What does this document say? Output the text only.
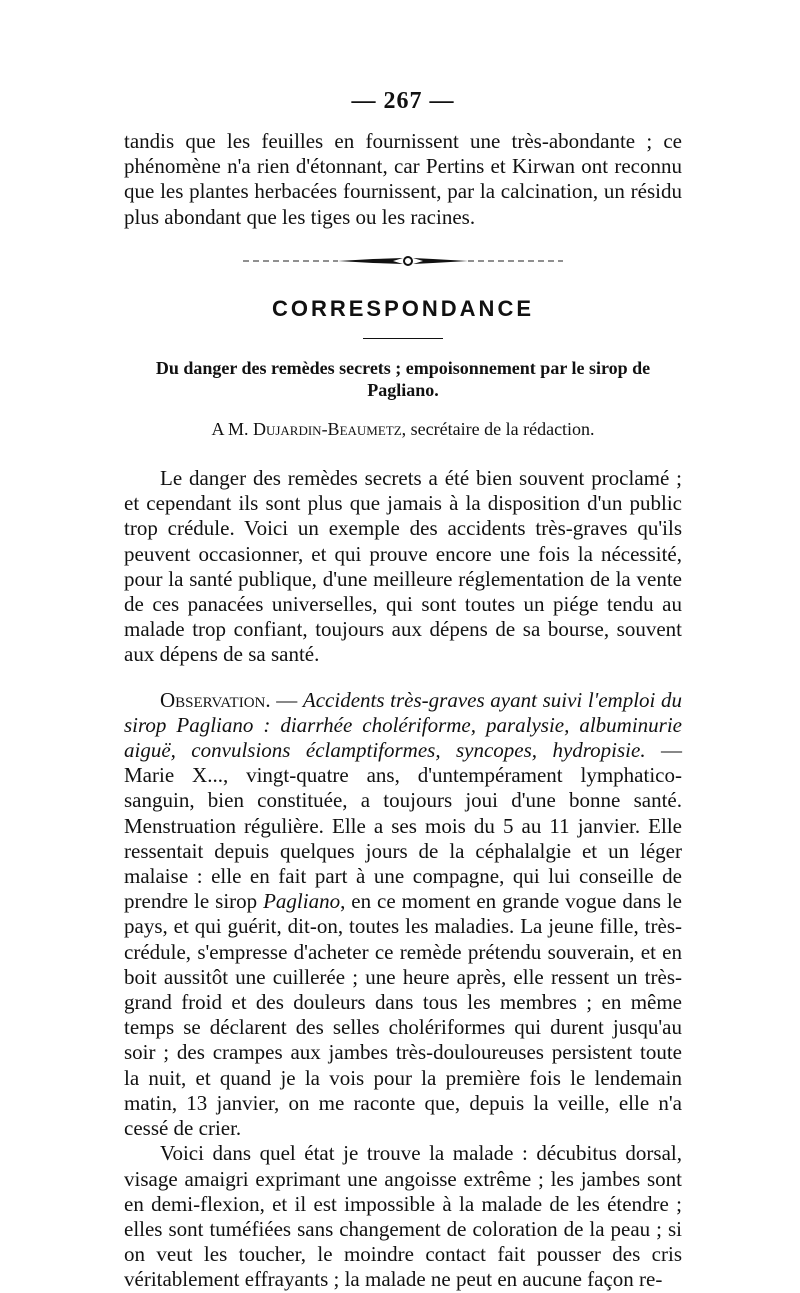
— 267 —

tandis que les feuilles en fournissent une très-abondante ; ce phénomène n'a rien d'étonnant, car Pertins et Kirwan ont reconnu que les plantes herbacées fournissent, par la calcination, un résidu plus abondant que les tiges ou les racines.

CORRESPONDANCE

Du danger des remèdes secrets ; empoisonnement par le sirop de Pagliano.

A M. Dujardin-Beaumetz, secrétaire de la rédaction.

Le danger des remèdes secrets a été bien souvent proclamé ; et cependant ils sont plus que jamais à la disposition d'un public trop crédule. Voici un exemple des accidents très-graves qu'ils peuvent occasionner, et qui prouve encore une fois la nécessité, pour la santé publique, d'une meilleure réglementation de la vente de ces panacées universelles, qui sont toutes un piége tendu au malade trop confiant, toujours aux dépens de sa bourse, souvent aux dépens de sa santé.

Observation. — Accidents très-graves ayant suivi l'emploi du sirop Pagliano : diarrhée cholériforme, paralysie, albuminurie aiguë, convulsions éclamptiformes, syncopes, hydropisie. — Marie X..., vingt-quatre ans, d'untempérament lymphatico-sanguin, bien constituée, a toujours joui d'une bonne santé. Menstruation régulière. Elle a ses mois du 5 au 11 janvier. Elle ressentait depuis quelques jours de la céphalalgie et un léger malaise : elle en fait part à une compagne, qui lui conseille de prendre le sirop Pagliano, en ce moment en grande vogue dans le pays, et qui guérit, dit-on, toutes les maladies. La jeune fille, très-crédule, s'empresse d'acheter ce remède prétendu souverain, et en boit aussitôt une cuillerée ; une heure après, elle ressent un très-grand froid et des douleurs dans tous les membres ; en même temps se déclarent des selles cholériformes qui durent jusqu'au soir ; des crampes aux jambes très-douloureuses persistent toute la nuit, et quand je la vois pour la première fois le lendemain matin, 13 janvier, on me raconte que, depuis la veille, elle n'a cessé de crier.

Voici dans quel état je trouve la malade : décubitus dorsal, visage amaigri exprimant une angoisse extrême ; les jambes sont en demi-flexion, et il est impossible à la malade de les étendre ; elles sont tuméfiées sans changement de coloration de la peau ; si on veut les toucher, le moindre contact fait pousser des cris véritablement effrayants ; la malade ne peut en aucune façon re-
